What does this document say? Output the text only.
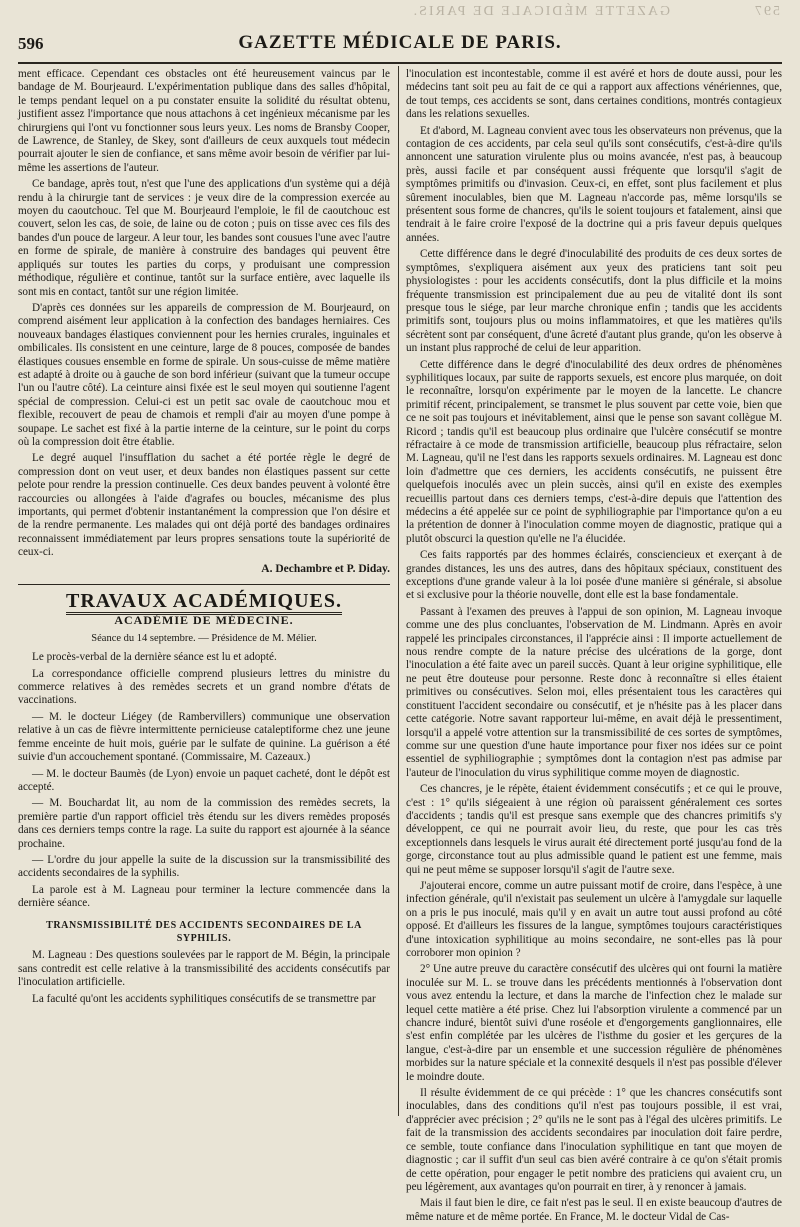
GAZETTE MÉDICALE DE PARIS.	597
596	GAZETTE MÉDICALE DE PARIS.

ment efficace. Cependant ces obstacles ont été heureusement vaincus par le bandage de M. Bourjeaurd. L'expérimentation publique dans des salles d'hôpital, le temps pendant lequel on a pu constater ensuite la solidité du résultat obtenu, justifient assez l'importance que nous attachons à cet ingénieux mécanisme par les chirurgiens qui l'ont vu fonctionner sous leurs yeux. Les noms de Bransby Cooper, de Lawrence, de Stanley, de Skey, sont d'ailleurs de ceux auxquels tout médecin pourrait ajouter le sien de confiance, et sans même avoir besoin de vérifier par lui-même les assertions de l'auteur.

Ce bandage, après tout, n'est que l'une des applications d'un système qui a déjà rendu à la chirurgie tant de services : je veux dire de la compression exercée au moyen du caoutchouc. Tel que M. Bourjeaurd l'emploie, le fil de caoutchouc est couvert, selon les cas, de soie, de laine ou de coton ; puis on tisse avec ces fils des bandes d'un pouce de largeur. A leur tour, les bandes sont cousues l'une avec l'autre en forme de spirale, de manière à construire des bandages qui peuvent être appliqués sur toutes les parties du corps, y produisant une compression méthodique, régulière et continue, tantôt sur la surface entière, avec laquelle ils sont mis en contact, tantôt sur une région limitée.

D'après ces données sur les appareils de compression de M. Bourjeaurd, on comprend aisément leur application à la confection des bandages herniaires. Ces nouveaux bandages élastiques conviennent pour les hernies crurales, inguinales et ombilicales. Ils consistent en une ceinture, large de 8 pouces, composée de bandes élastiques cousues ensemble en forme de spirale. Un sous-cuisse de même matière est adapté à droite ou à gauche de son bord inférieur (suivant que la tumeur occupe l'un ou l'autre côté). La ceinture ainsi fixée est le seul moyen qui soutienne l'agent spécial de compression. Celui-ci est un petit sac ovale de caoutchouc mou et flexible, recouvert de peau de chamois et rempli d'air au moyen d'une pompe à soupape. Le sachet est fixé à la partie interne de la ceinture, sur le point du corps où la compression doit être établie.

Le degré auquel l'insufflation du sachet a été portée règle le degré de compression dont on veut user, et deux bandes non élastiques passent sur cette pelote pour rendre la pression continuelle. Ces deux bandes peuvent à volonté être raccourcies ou allongées à l'aide d'agrafes ou boucles, mécanisme des plus importants, qui permet d'obtenir instantanément la compression que l'on désire et de la rendre permanente. Les malades qui ont déjà porté des bandages ordinaires reconnaissent immédiatement par leurs propres sensations toute la supériorité de ceux-ci.

A. Dechambre et P. Diday.
TRAVAUX ACADÉMIQUES.
ACADÉMIE DE MÉDECINE.
Séance du 14 septembre. — Présidence de M. Mélier.

Le procès-verbal de la dernière séance est lu et adopté.

La correspondance officielle comprend plusieurs lettres du ministre du commerce relatives à des remèdes secrets et un grand nombre d'états de vaccinations.

— M. le docteur Liégey (de Rambervillers) communique une observation relative à un cas de fièvre intermittente pernicieuse cataleptiforme chez une jeune femme enceinte de huit mois, guérie par le sulfate de quinine. La guérison a été suivie d'un accouchement spontané. (Commissaire, M. Cazeaux.)

— M. le docteur Baumès (de Lyon) envoie un paquet cacheté, dont le dépôt est accepté.

— M. Bouchardat lit, au nom de la commission des remèdes secrets, la première partie d'un rapport officiel très étendu sur les divers remèdes proposés dans ces derniers temps contre la rage. La suite du rapport est ajournée à la séance prochaine.

— L'ordre du jour appelle la suite de la discussion sur la transmissibilité des accidents secondaires de la syphilis.

La parole est à M. Lagneau pour terminer la lecture commencée dans la dernière séance.

TRANSMISSIBILITÉ DES ACCIDENTS SECONDAIRES DE LA SYPHILIS.

M. Lagneau : Des questions soulevées par le rapport de M. Bégin, la principale sans contredit est celle relative à la transmissibilité des accidents consécutifs par l'inoculation artificielle.

La faculté qu'ont les accidents syphilitiques consécutifs de se transmettre par

l'inoculation est incontestable, comme il est avéré et hors de doute aussi, pour les médecins tant soit peu au fait de ce qui a rapport aux affections vénériennes, que, de tout temps, ces accidents se sont, dans certaines conditions, montrés contagieux dans les relations sexuelles.

Et d'abord, M. Lagneau convient avec tous les observateurs non prévenus, que la contagion de ces accidents, par cela seul qu'ils sont consécutifs, c'est-à-dire qu'ils annoncent une saturation virulente plus ou moins avancée, n'est pas, à beaucoup près, aussi facile et par conséquent aussi fréquente que lorsqu'il s'agit de symptômes primitifs ou d'invasion. Ceux-ci, en effet, sont plus facilement et plus sûrement inoculables, bien que M. Lagneau n'accorde pas, même lorsqu'ils se présentent sous forme de chancres, qu'ils le soient toujours et fatalement, ainsi que tendrait à le faire croire l'exposé de la doctrine qui a pris faveur depuis quelques années.

Cette différence dans le degré d'inoculabilité des produits de ces deux sortes de symptômes, s'expliquera aisément aux yeux des praticiens tant soit peu physiologistes : pour les accidents consécutifs, dont la plus difficile et la moins fréquente transmission est principalement due au peu de vitalité dont ils sont presque tous le siége, par leur marche chronique enfin ; tandis que les accidents primitifs sont, toujours plus ou moins inflammatoires, et que les matières qu'ils sécrètent sont par conséquent, d'une âcreté d'autant plus grande, qu'on les observe à un instant plus rapproché de celui de leur apparition.

Cette différence dans le degré d'inoculabilité des deux ordres de phénomènes syphilitiques locaux, par suite de rapports sexuels, est encore plus marquée, on doit le reconnaître, lorsqu'on expérimente par le moyen de la lancette. Le chancre primitif récent, principalement, se transmet le plus souvent par cette voie, bien que ce ne soit pas toujours et inévitablement, ainsi que le pense son savant collègue M. Ricord ; tandis qu'il est beaucoup plus ordinaire que l'ulcère consécutif se montre réfractaire à ce mode de transmission artificielle, beaucoup plus réfractaire, selon M. Lagneau, qu'il ne l'est dans les rapports sexuels ordinaires. M. Lagneau est donc loin d'admettre que ces derniers, les accidents consécutifs, ne puissent être quelquefois inoculés avec un plein succès, ainsi qu'il en existe des exemples recueillis partout dans ces derniers temps, c'est-à-dire depuis que l'attention des médecins a été appelée sur ce point de syphiliographie par l'importance qu'on a eu la prétention de donner à l'inoculation comme moyen de diagnostic, pratique qui a plutôt obscurci la question qu'elle ne l'a élucidée.

Ces faits rapportés par des hommes éclairés, consciencieux et exerçant à de grandes distances, les uns des autres, dans des hôpitaux spéciaux, constituent des exceptions d'une grande valeur à la loi posée d'une manière si générale, si absolue et si exclusive pour la théorie nouvelle, dont elle est la base fondamentale.

Passant à l'examen des preuves à l'appui de son opinion, M. Lagneau invoque comme une des plus concluantes, l'observation de M. Lindmann. Après en avoir rappelé les principales circonstances, il l'apprécie ainsi : Il importe actuellement de nous rendre compte de la nature précise des ulcérations de la gorge, dont l'inoculation a été faite avec un pareil succès. Quant à leur origine syphilitique, elle ne peut être douteuse pour personne. Reste donc à reconnaître si elles étaient primitives ou consécutives. Selon moi, elles présentaient tous les caractères qui constituent l'accident secondaire ou consécutif, et je n'hésite pas à les placer dans cette catégorie. Notre savant rapporteur lui-même, en avait déjà le pressentiment, lorsqu'il a appelé votre attention sur la transmissibilité de ces sortes de symptômes, comme sur une question d'une haute importance pour fixer nos idées sur ce point essentiel de syphiliographie ; symptômes dont la contagion n'est pas admise par l'auteur de l'inoculation du virus syphilitique comme moyen de diagnostic.

Ces chancres, je le répète, étaient évidemment consécutifs ; et ce qui le prouve, c'est : 1° qu'ils siégeaient à une région où paraissent généralement ces sortes d'accidents ; tandis qu'il est presque sans exemple que des chancres primitifs s'y développent, ce qui ne pourrait avoir lieu, du reste, que pour les cas très exceptionnels dans lesquels le virus aurait été directement porté jusqu'au fond de la gorge, circonstance tout au plus admissible quand le patient est une femme, mais qui ne peut même se supposer lorsqu'il s'agit de l'autre sexe.

J'ajouterai encore, comme un autre puissant motif de croire, dans l'espèce, à une infection générale, qu'il n'existait pas seulement un ulcère à l'amygdale sur laquelle on a pris le pus inoculé, mais qu'il y en avait un autre tout aussi profond au côté opposé. Et d'ailleurs les fissures de la langue, symptômes toujours caractéristiques d'une intoxication syphilitique au moins secondaire, ne sont-elles pas là pour corroborer mon opinion ?

2° Une autre preuve du caractère consécutif des ulcères qui ont fourni la matière inoculée sur M. L. se trouve dans les précédents mentionnés à l'observation dont vous avez entendu la lecture, et dans la marche de l'infection chez le malade sur lequel cette matière a été prise. Chez lui l'absorption virulente a commencé par un chancre induré, bientôt suivi d'une roséole et d'engorgements ganglionnaires, elle s'est enfin complétée par les ulcères de l'isthme du gosier et les gerçures de la langue, c'est-à-dire par un ensemble et une succession régulière de phénomènes morbides sur la nature spéciale et la connexité desquels il n'est pas possible d'élever le moindre doute.

Il résulte évidemment de ce qui précède : 1° que les chancres consécutifs sont inoculables, dans des conditions qu'il n'est pas toujours possible, il est vrai, d'apprécier avec précision ; 2° qu'ils ne le sont pas à l'égal des ulcères primitifs. Le fait de la transmission des accidents secondaires par inoculation doit faire perdre, ce semble, toute confiance dans l'inoculation syphilitique en tant que moyen de diagnostic ; car il suffit d'un seul cas bien avéré contraire à ce qu'on s'était promis de cette opération, pour engager le petit nombre des praticiens qui avaient cru, un peu légèrement, aux avantages qu'on pourrait en tirer, à y renoncer à jamais.

Mais il faut bien le dire, ce fait n'est pas le seul. Il en existe beaucoup d'autres de même nature et de même portée. En France, M. le docteur Vidal de Cas-
